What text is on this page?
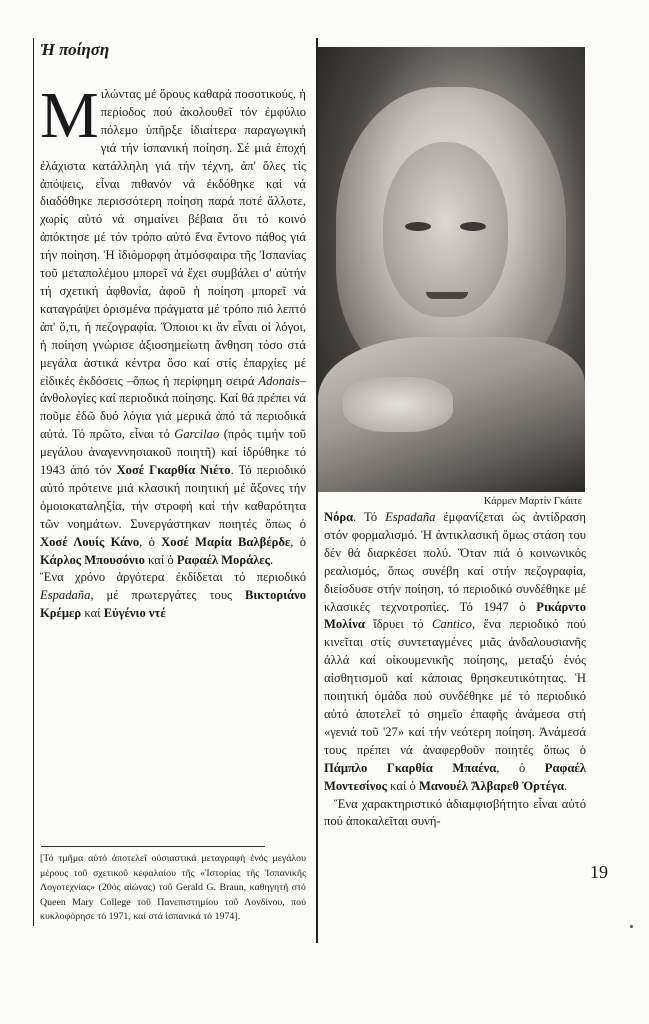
Ἡ ποίηση

Μιλώντας μέ ὅρους καθαρά ποσοτικούς, ἡ περίοδος πού ἀκολουθεῖ τόν ἐμφύλιο πόλεμο ὑπῆρξε ἰδιαίτερα παραγωγική γιά τήν ἱσπανική ποίηση. Σέ μιά ἐποχή ἐλάχιστα κατάλληλη γιά τήν τέχνη, ἀπ' ὅλες τίς ἀπόψεις, εἶναι πιθανόν νά ἐκδόθηκε καί νά διαδόθηκε περισσότερη ποίηση παρά ποτέ ἄλλοτε, χωρίς αὐτό νά σημαίνει βέβαια ὅτι τό κοινό ἀπόκτησε μέ τόν τρόπο αὐτό ἕνα ἔντονο πάθος γιά τήν ποίηση. Ἡ ἰδιόμορφη ἀτμόσφαιρα τῆς Ἰσπανίας τοῦ μεταπολέμου μπορεῖ νά ἔχει συμβάλει σ' αὐτήν τή σχετική ἀφθονία, ἀφοῦ ἡ ποίηση μπορεῖ νά καταγράψει ὁρισμένα πράγματα μέ τρόπο πιό λεπτό ἀπ' ὅ,τι, ἡ πεζογραφία. Ὅποιοι κι ἄν εἶναι οἱ λόγοι, ἡ ποίηση γνώρισε ἀξιοσημείωτη ἄνθηση τόσο στά μεγάλα ἀστικά κέντρα ὅσο καί στίς ἐπαρχίες μέ εἰδικές ἐκδόσεις –ὅπως ἡ περίφημη σειρά Adonais– ἀνθολογίες καί περιοδικά ποίησης. Καί θά πρέπει νά ποῦμε ἐδῶ δυό λόγια γιά μερικά ἀπό τά περιοδικά αὐτά. Τό πρῶτο, εἶναι τό Garcilao (πρός τιμήν τοῦ μεγάλου ἀναγεννησιακοῦ ποιητῆ) καί ἱδρύθηκε τό 1943 ἀπό τόν Χοσέ Γκαρθία Νιέτο. Τό περιοδικό αὐτό πρότεινε μιά κλασική ποιητική μέ ἄξονες τήν ὁμοιοκαταληξία, τήν στροφή καί τήν καθαρότητα τῶν νοημάτων. Συνεργάστηκαν ποιητές ὅπως ὁ Χοσέ Λουίς Κάνο, ὁ Χοσέ Μαρία Βαλβέρδε, ὁ Κάρλος Μπουσόνιο καί ὁ Ραφαέλ Μοράλες.

Ἕνα χρόνο ἀργότερα ἐκδίδεται τό περιοδικό Espadaña, μέ πρωτεργάτες τους Βικτοριάνο Κρέμερ καί Εὐγένιο ντέ

Κάρμεν Μαρτίν Γκάιτε

Νόρα. Τό Espadaña ἐμφανίζεται ὡς ἀντίδραση στόν φορμαλισμό. Ἡ ἀντικλασική ὅμως στάση του δέν θά διαρκέσει πολύ. Ὅταν πιά ὁ κοινωνικός ρεαλισμός, ὅπως συνέβη καί στήν πεζογραφία, διείσδυσε στήν ποίηση, τό περιοδικό συνδέθηκε μέ κλασικές τεχνοτροπίες. Τό 1947 ὁ Ρικάρντο Μολίνα ἵδρυει τό Cantico, ἕνα περιοδικό πού κινεῖται στίς συντεταγμένες μιᾶς ἀνδαλουσιανῆς ἀλλά καί οἰκουμενικῆς ποίησης, μεταξύ ἑνός αἰσθητισμοῦ καί κάποιας θρησκευτικότητας. Ἡ ποιητική ὁμάδα πού συνδέθηκε μέ τό περιοδικό αὐτό ἀποτελεῖ τό σημεῖο ἐπαφῆς ἀνάμεσα στή «γενιά τοῦ '27» καί τήν νεότερη ποίηση. Ἀνάμεσά τους πρέπει νά ἀναφερθοῦν ποιητές ὅπως ὁ Πάμπλο Γκαρθία Μπαένα, ὁ Ραφαέλ Μοντεσίνος καί ὁ Μανουέλ Ἄλβαρεθ Ὀρτέγα.

Ἕνα χαρακτηριστικό ἀδιαμφισβήτητο εἶναι αὐτό πού ἀποκαλεῖται συνή-

[Τό τμῆμα αὐτό ἀποτελεῖ οὐσιαστικά μεταγραφή ἑνός μεγάλου μέρους τοῦ σχετικοῦ κεφαλαίου τῆς «Ἱστορίας τῆς Ἱσπανικῆς Λογοτεχνίας» (20ός αἰώνας) τοῦ Gerald G. Braun, καθηγητῆ στό Queen Mary College τοῦ Πανεπιστημίου τοῦ Λονδίνου, πού κυκλοφόρησε τό 1971, καί στά ἱσπανικά τό 1974].

19
